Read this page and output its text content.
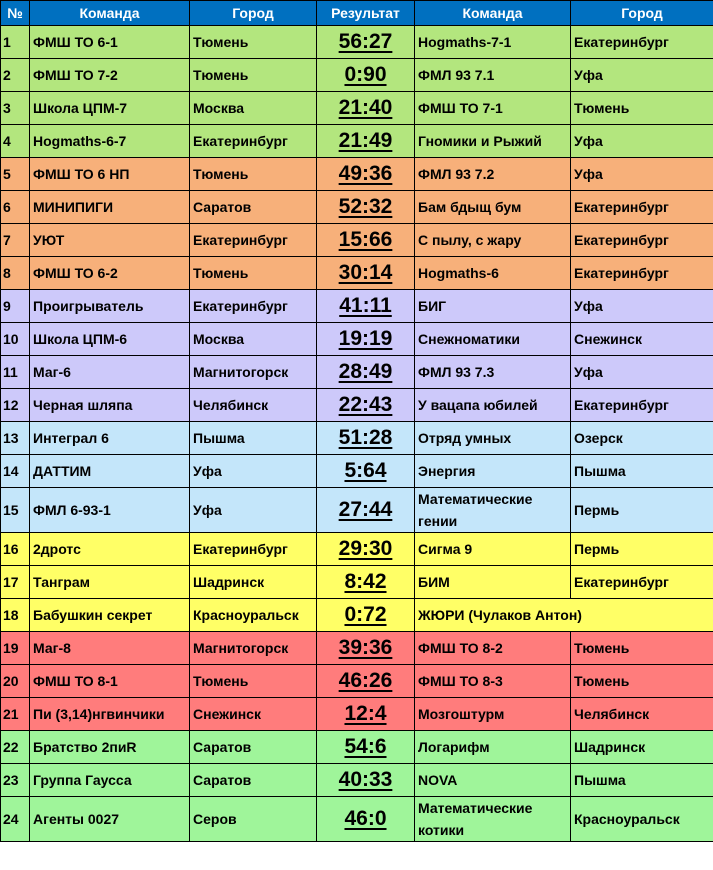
№	Команда	Город	Результат	Команда	Город
1	ФМШ ТО 6-1	Тюмень	56:27	Hogmaths-7-1	Екатеринбург
2	ФМШ ТО 7-2	Тюмень	0:90	ФМЛ 93 7.1	Уфа
3	Школа ЦПМ-7	Москва	21:40	ФМШ ТО 7-1	Тюмень
4	Hogmaths-6-7	Екатеринбург	21:49	Гномики и Рыжий	Уфа
5	ФМШ ТО 6 НП	Тюмень	49:36	ФМЛ 93 7.2	Уфа
6	МИНИПИГИ	Саратов	52:32	Бам бдыщ бум	Екатеринбург
7	УЮТ	Екатеринбург	15:66	С пылу, с жару	Екатеринбург
8	ФМШ ТО 6-2	Тюмень	30:14	Hogmaths-6	Екатеринбург
9	Проигрыватель	Екатеринбург	41:11	БИГ	Уфа
10	Школа ЦПМ-6	Москва	19:19	Снежноматики	Снежинск
11	Маг-6	Магнитогорск	28:49	ФМЛ 93 7.3	Уфа
12	Черная шляпа	Челябинск	22:43	У вацапа юбилей	Екатеринбург
13	Интеграл 6	Пышма	51:28	Отряд умных	Озерск
14	ДАТТИМ	Уфа	5:64	Энергия	Пышма
15	ФМЛ 6-93-1	Уфа	27:44	Математические гении	Пермь
16	2дротс	Екатеринбург	29:30	Сигма 9	Пермь
17	Танграм	Шадринск	8:42	БИМ	Екатеринбург
18	Бабушкин секрет	Красноуральск	0:72	ЖЮРИ (Чулаков Антон)	
19	Маг-8	Магнитогорск	39:36	ФМШ ТО 8-2	Тюмень
20	ФМШ ТО 8-1	Тюмень	46:26	ФМШ ТО 8-3	Тюмень
21	Пи (3,14)нгвинчики	Снежинск	12:4	Мозгоштурм	Челябинск
22	Братство 2пиR	Саратов	54:6	Логарифм	Шадринск
23	Группа Гаусса	Саратов	40:33	NOVA	Пышма
24	Агенты 0027	Серов	46:0	Математические котики	Красноуральск
